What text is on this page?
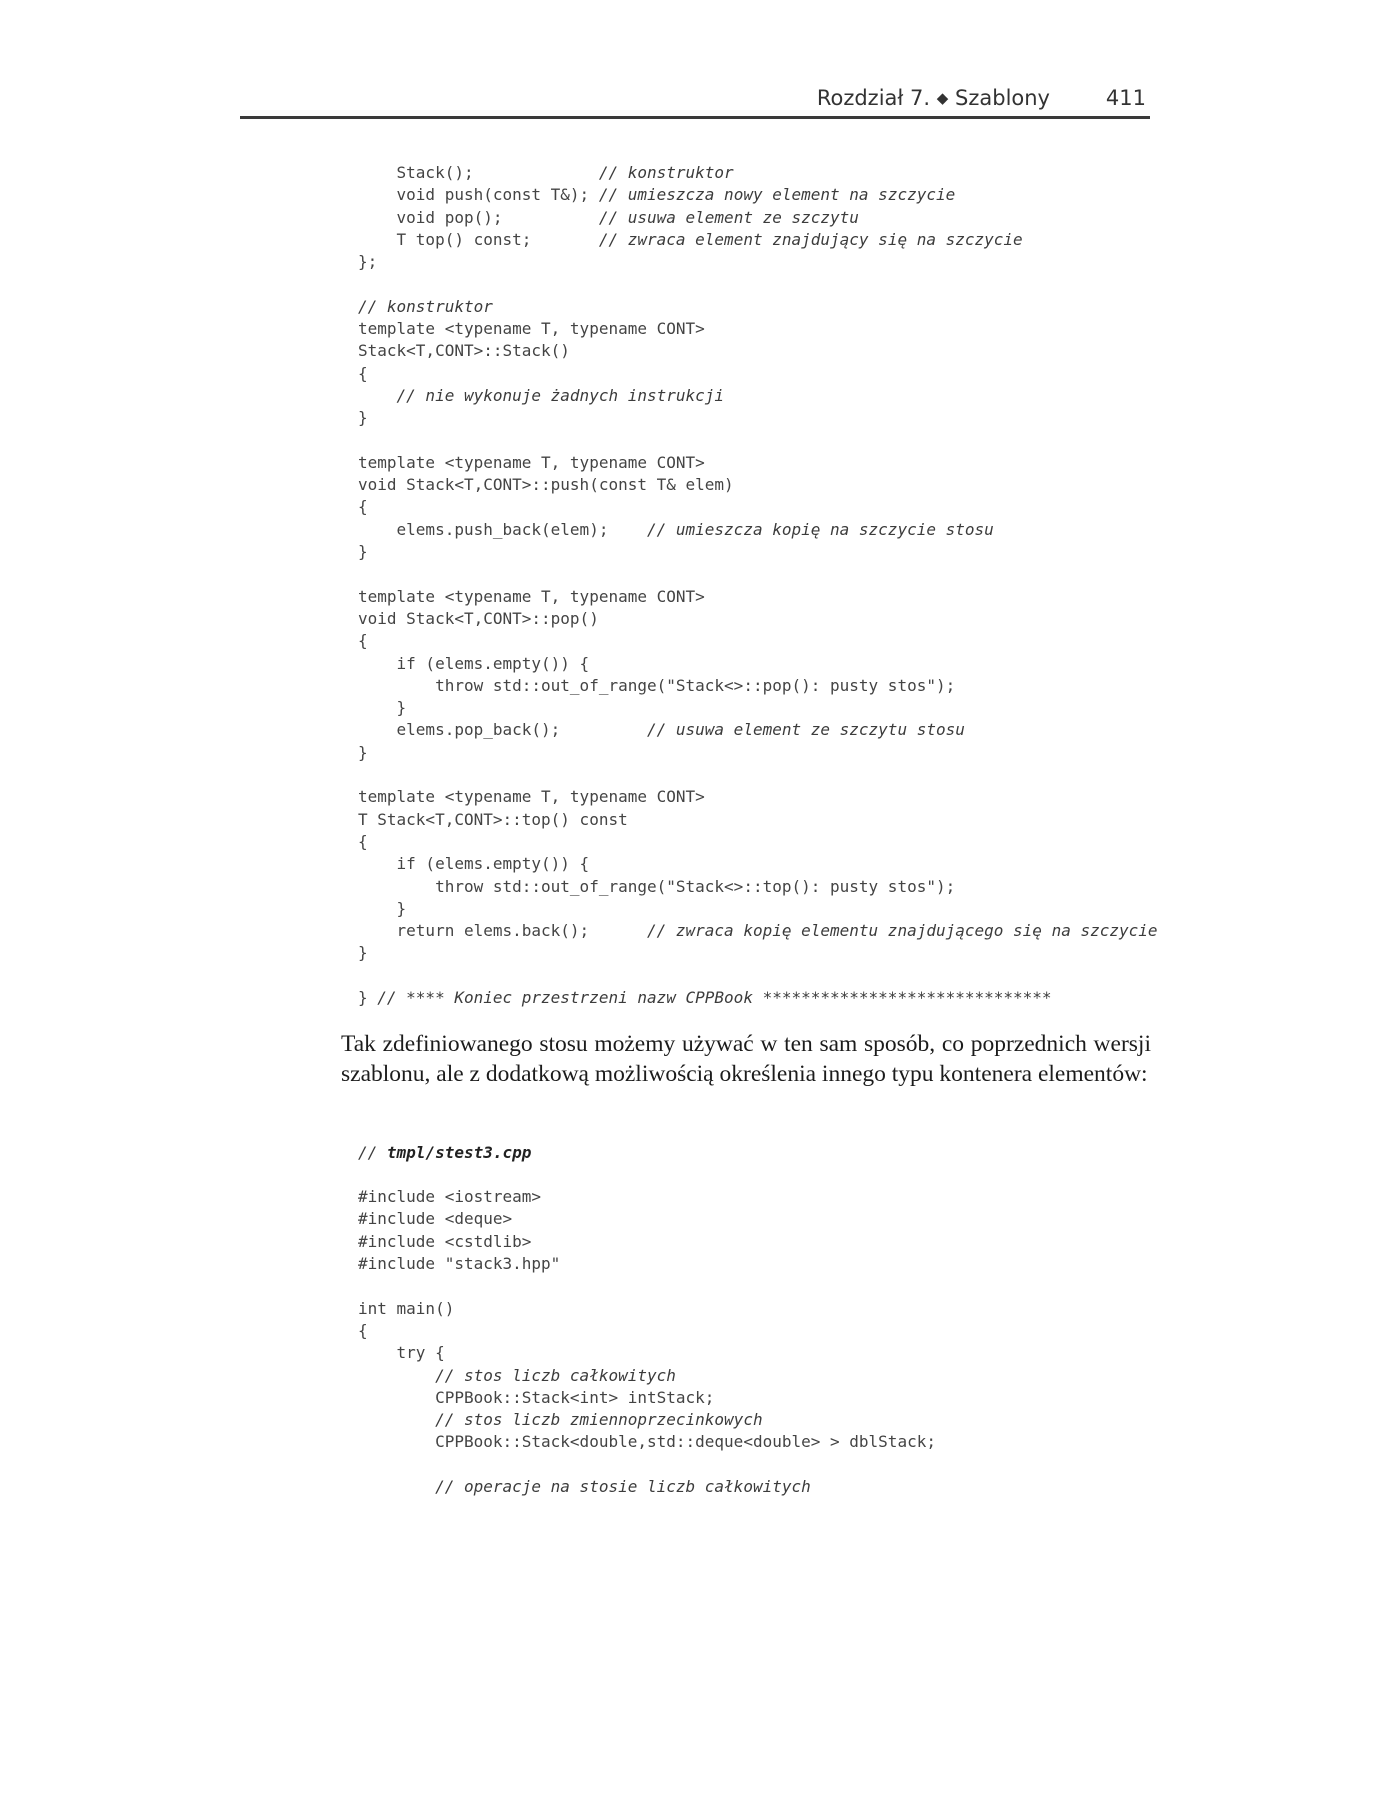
Rozdział 7. ◆ Szablony	411
Stack();             // konstruktor
void push(const T&); // umieszcza nowy element na szczycie
void pop();          // usuwa element ze szczytu
T top() const;       // zwraca element znajdujący się na szczycie
};
// konstruktor
template <typename T, typename CONT>
Stack<T,CONT>::Stack()
{
// nie wykonuje żadnych instrukcji
}
template <typename T, typename CONT>
void Stack<T,CONT>::push(const T& elem)
{
elems.push_back(elem);    // umieszcza kopię na szczycie stosu
}
template <typename T, typename CONT>
void Stack<T,CONT>::pop()
{
if (elems.empty()) {
throw std::out_of_range("Stack<>::pop(): pusty stos");
}
elems.pop_back();         // usuwa element ze szczytu stosu
}
template <typename T, typename CONT>
T Stack<T,CONT>::top() const
{
if (elems.empty()) {
throw std::out_of_range("Stack<>::top(): pusty stos");
}
return elems.back();      // zwraca kopię elementu znajdującego się na szczycie
}
} // **** Koniec przestrzeni nazw CPPBook ******************************

Tak zdefiniowanego stosu możemy używać w ten sam sposób, co poprzednich wersji szablonu, ale z dodatkową możliwością określenia innego typu kontenera elementów:

// tmpl/stest3.cpp

#include <iostream>
#include <deque>
#include <cstdlib>
#include "stack3.hpp"
int main()
{
try {
// stos liczb całkowitych
CPPBook::Stack<int> intStack;
// stos liczb zmiennoprzecinkowych
CPPBook::Stack<double,std::deque<double> > dblStack;
// operacje na stosie liczb całkowitych
